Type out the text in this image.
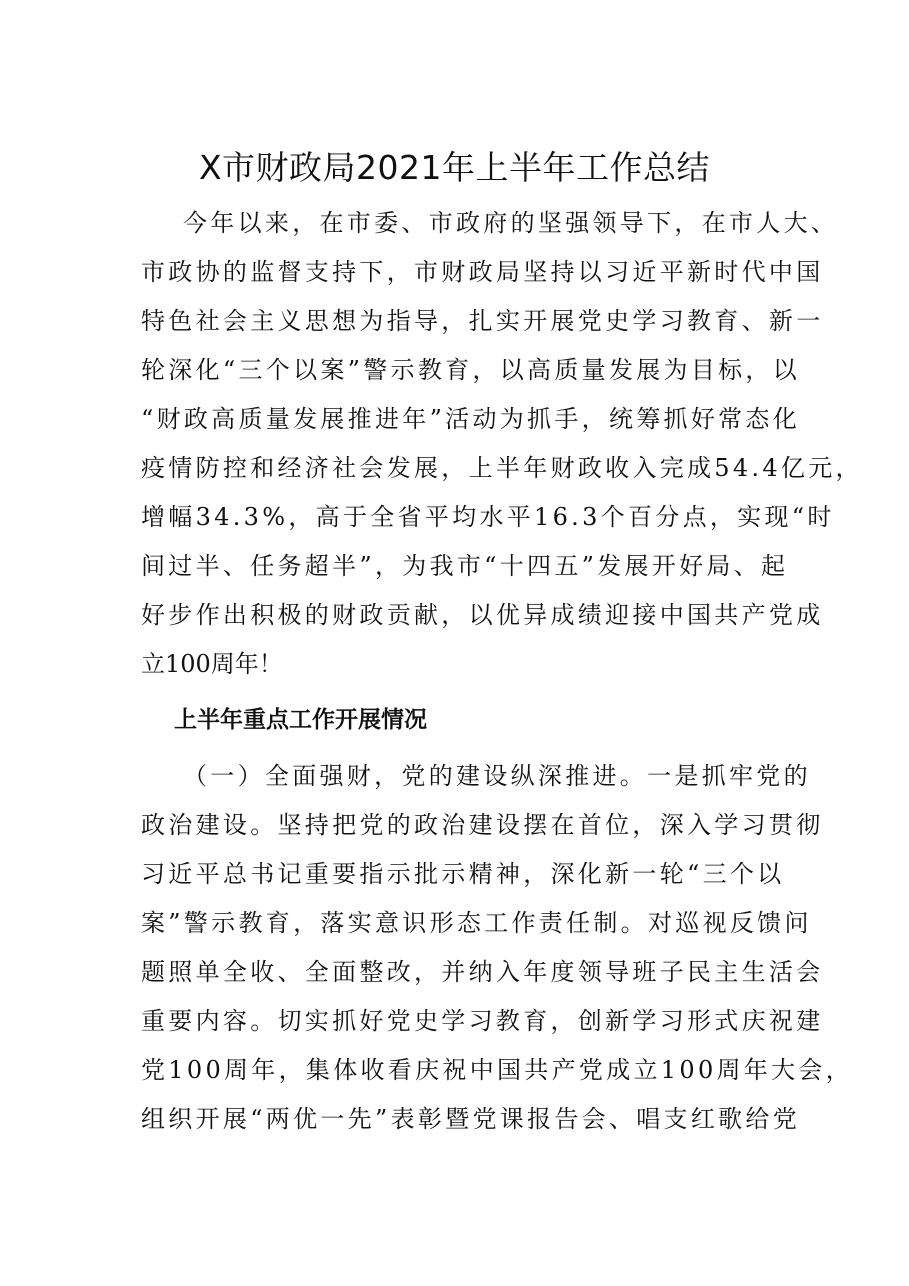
X市财政局2021年上半年工作总结
今年以来，在市委、市政府的坚强领导下，在市人大、
市政协的监督支持下，市财政局坚持以习近平新时代中国
特色社会主义思想为指导，扎实开展党史学习教育、新一
轮深化“三个以案”警示教育，以高质量发展为目标，以
“财政高质量发展推进年”活动为抓手，统筹抓好常态化
疫情防控和经济社会发展，上半年财政收入完成54.4亿元，
增幅34.3%，高于全省平均水平16.3个百分点，实现“时
间过半、任务超半”，为我市“十四五”发展开好局、起
好步作出积极的财政贡献，以优异成绩迎接中国共产党成
立100周年！
上半年重点工作开展情况
（一）全面强财，党的建设纵深推进。一是抓牢党的
政治建设。坚持把党的政治建设摆在首位，深入学习贯彻
习近平总书记重要指示批示精神，深化新一轮“三个以
案”警示教育，落实意识形态工作责任制。对巡视反馈问
题照单全收、全面整改，并纳入年度领导班子民主生活会
重要内容。切实抓好党史学习教育，创新学习形式庆祝建
党100周年，集体收看庆祝中国共产党成立100周年大会，
组织开展“两优一先”表彰暨党课报告会、唱支红歌给党
